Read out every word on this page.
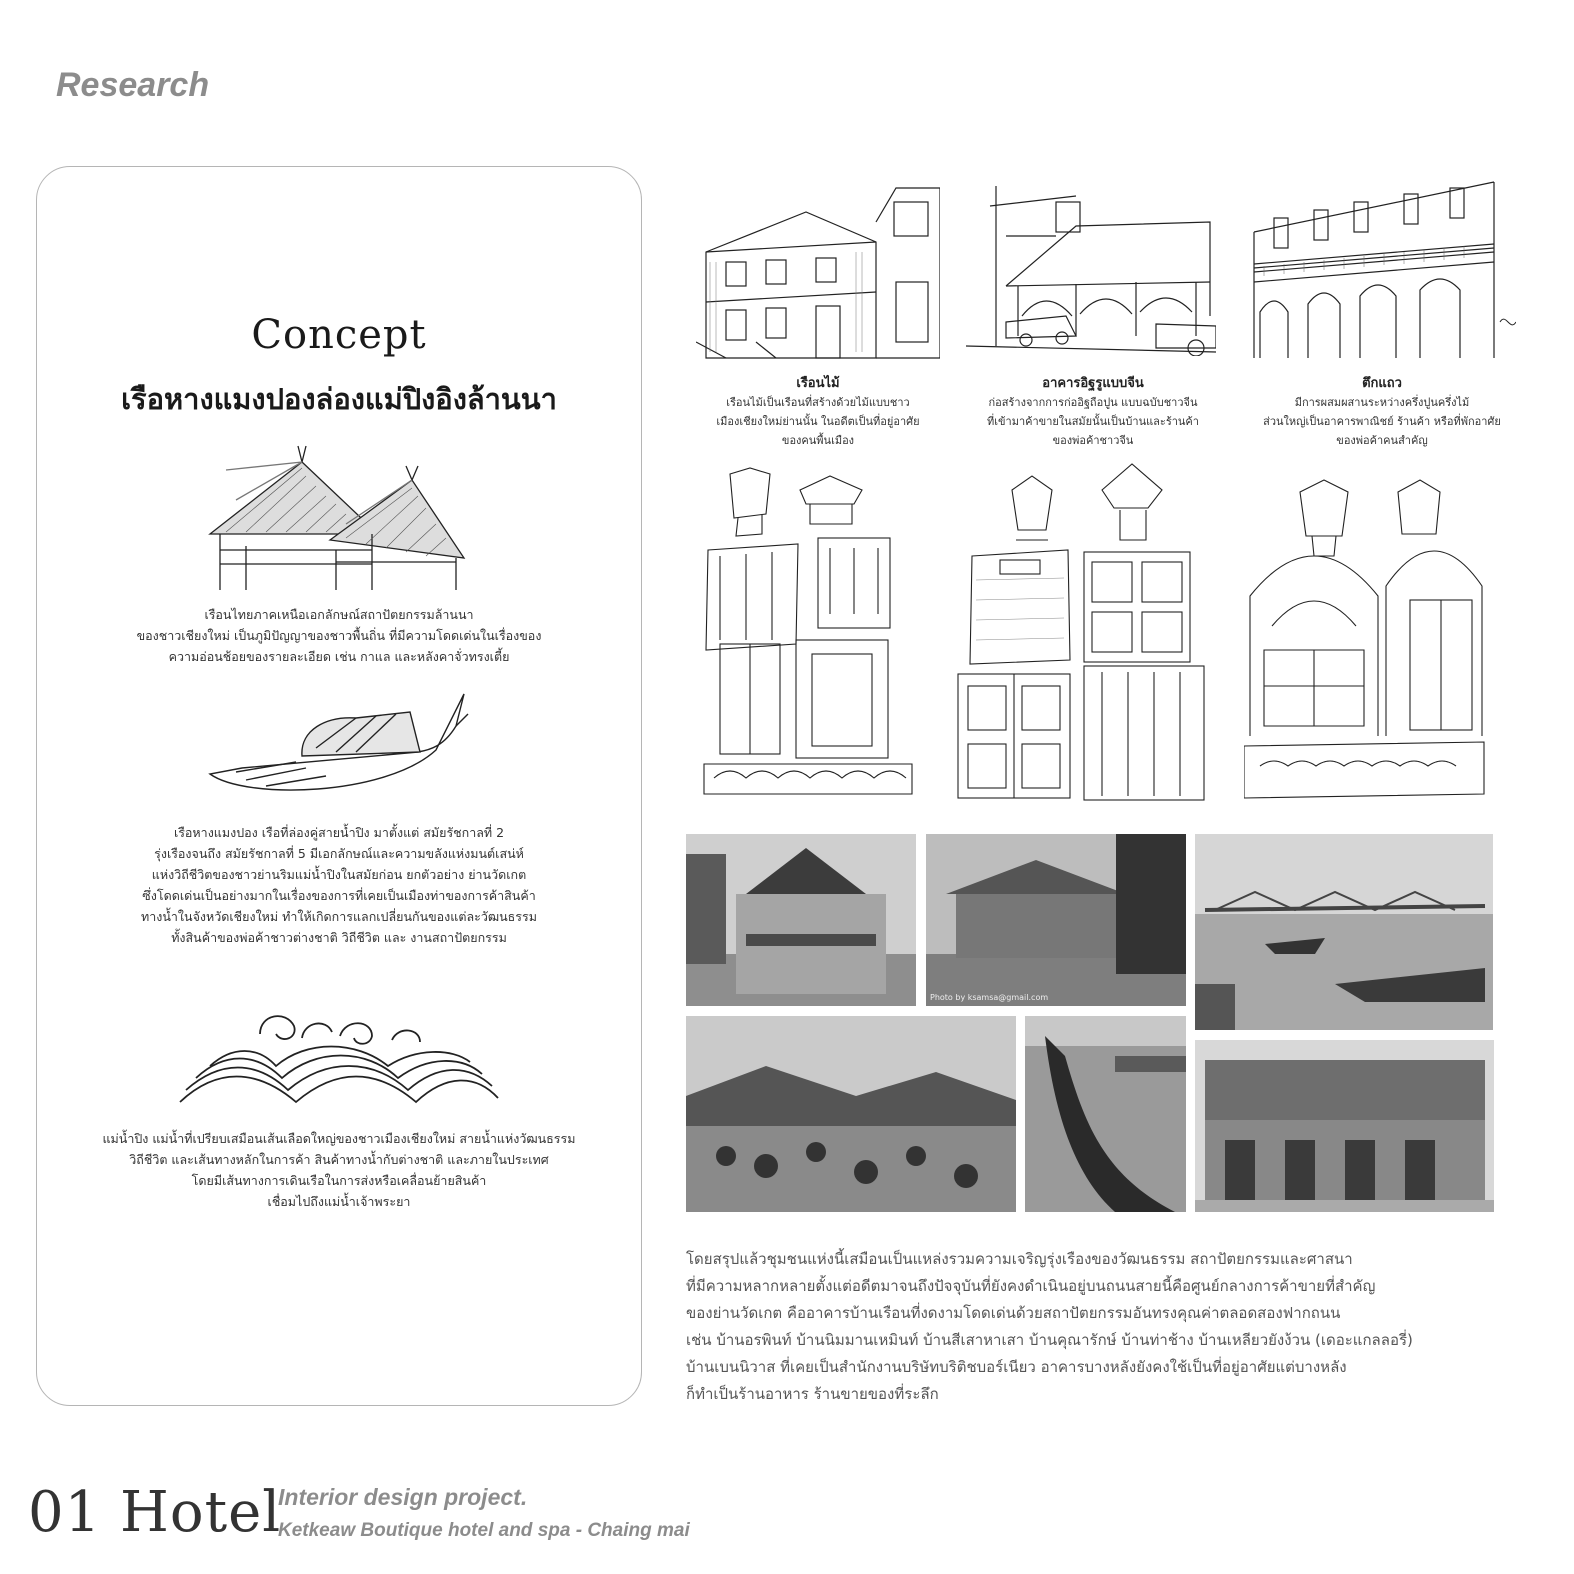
Research
Concept
เรือหางแมงปองล่องแม่ปิงอิงล้านนา
เรือนไทยภาคเหนือเอกลักษณ์สถาปัตยกรรมล้านนา
ของชาวเชียงใหม่ เป็นภูมิปัญญาของชาวพื้นถิ่น ที่มีความโดดเด่นในเรื่องของ
ความอ่อนช้อยของรายละเอียด เช่น กาแล และหลังคาจั่วทรงเตี้ย
เรือหางแมงปอง เรือที่ล่องคู่สายน้ำปิง มาตั้งแต่ สมัยรัชกาลที่ 2
รุ่งเรืองจนถึง สมัยรัชกาลที่ 5 มีเอกลักษณ์และความขลังแห่งมนต์เสน่ห์
แห่งวิถีชีวิตของชาวย่านริมแม่น้ำปิงในสมัยก่อน ยกตัวอย่าง ย่านวัดเกต
ซึ่งโดดเด่นเป็นอย่างมากในเรื่องของการที่เคยเป็นเมืองท่าของการค้าสินค้า
ทางน้ำในจังหวัดเชียงใหม่ ทำให้เกิดการแลกเปลี่ยนกันของแต่ละวัฒนธรรม
ทั้งสินค้าของพ่อค้าชาวต่างชาติ วิถีชีวิต และ งานสถาปัตยกรรม
แม่น้ำปิง แม่น้ำที่เปรียบเสมือนเส้นเลือดใหญ่ของชาวเมืองเชียงใหม่ สายน้ำแห่งวัฒนธรรม
วิถีชีวิต และเส้นทางหลักในการค้า สินค้าทางน้ำกับต่างชาติ และภายในประเทศ
โดยมีเส้นทางการเดินเรือในการส่งหรือเคลื่อนย้ายสินค้า
เชื่อมไปถึงแม่น้ำเจ้าพระยา
เรือนไม้
เรือนไม้เป็นเรือนที่สร้างด้วยไม้แบบชาว
เมืองเชียงใหม่ย่านนั้น ในอดีตเป็นที่อยู่อาศัย
ของคนพื้นเมือง
อาคารอิฐรูแบบจีน
ก่อสร้างจากการก่ออิฐถือปูน แบบฉบับชาวจีน
ที่เข้ามาค้าขายในสมัยนั้นเป็นบ้านและร้านค้า
ของพ่อค้าชาวจีน
ตึกแถว
มีการผสมผสานระหว่างครึ่งปูนครึ่งไม้
ส่วนใหญ่เป็นอาคารพาณิชย์ ร้านค้า หรือที่พักอาศัย
ของพ่อค้าคนสำคัญ
Photo by ksamsa@gmail.com
โดยสรุปแล้วชุมชนแห่งนี้เสมือนเป็นแหล่งรวมความเจริญรุ่งเรืองของวัฒนธรรม สถาปัตยกรรมและศาสนา
ที่มีความหลากหลายตั้งแต่อดีตมาจนถึงปัจจุบันที่ยังคงดำเนินอยู่บนถนนสายนี้คือศูนย์กลางการค้าขายที่สำคัญ
ของย่านวัดเกต คืออาคารบ้านเรือนที่งดงามโดดเด่นด้วยสถาปัตยกรรมอันทรงคุณค่าตลอดสองฟากถนน
เช่น บ้านอรพินท์ บ้านนิมมานเหมินท์ บ้านสีเสาหาเสา บ้านคุณารักษ์ บ้านท่าช้าง บ้านเหลียวยังง้วน (เดอะแกลลอรี่)
บ้านเบนนิวาส ที่เคยเป็นสำนักงานบริษัทบริติชบอร์เนียว อาคารบางหลังยังคงใช้เป็นที่อยู่อาศัยแต่บางหลัง
ก็ทำเป็นร้านอาหาร ร้านขายของที่ระลึก
01 Hotel
Interior design project.
Ketkeaw Boutique hotel and spa - Chaing mai
